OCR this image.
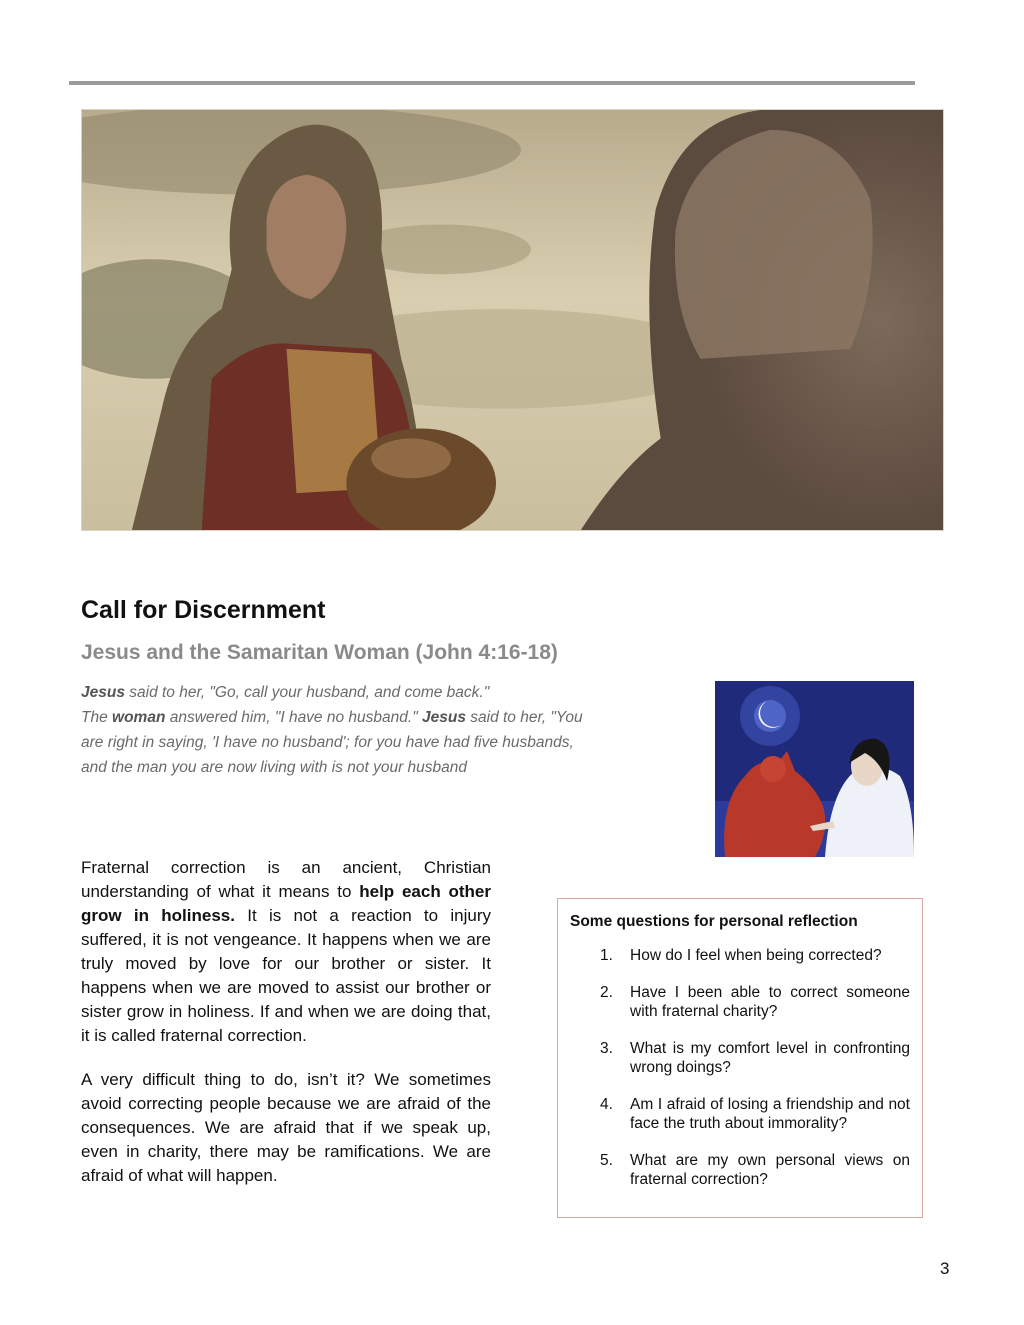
Call for Discernment
Jesus and the Samaritan Woman (John 4:16-18)
Jesus said to her, "Go, call your husband, and come back."
The woman answered him, "I have no husband." Jesus said to her, "You are right in saying, 'I have no husband'; for you have had five husbands, and the man you are now living with is not your husband

Fraternal correction is an ancient, Christian understanding of what it means to help each other grow in holiness. It is not a reaction to injury suffered, it is not vengeance. It happens when we are truly moved by love for our brother or sister. It happens when we are moved to assist our brother or sister grow in holiness. If and when we are doing that, it is called fraternal correction.

A very difficult thing to do, isn’t it? We sometimes avoid correcting people because we are afraid of the consequences. We are afraid that if we speak up, even in charity, there may be ramifications. We are afraid of what will happen.

Some questions for personal reflection
1. How do I feel when being corrected?
2. Have I been able to correct someone with fraternal charity?
3. What is my comfort level in confronting wrong doings?
4. Am I afraid of losing a friendship and not face the truth about immorality?
5. What are my own personal views on fraternal correction?
3
